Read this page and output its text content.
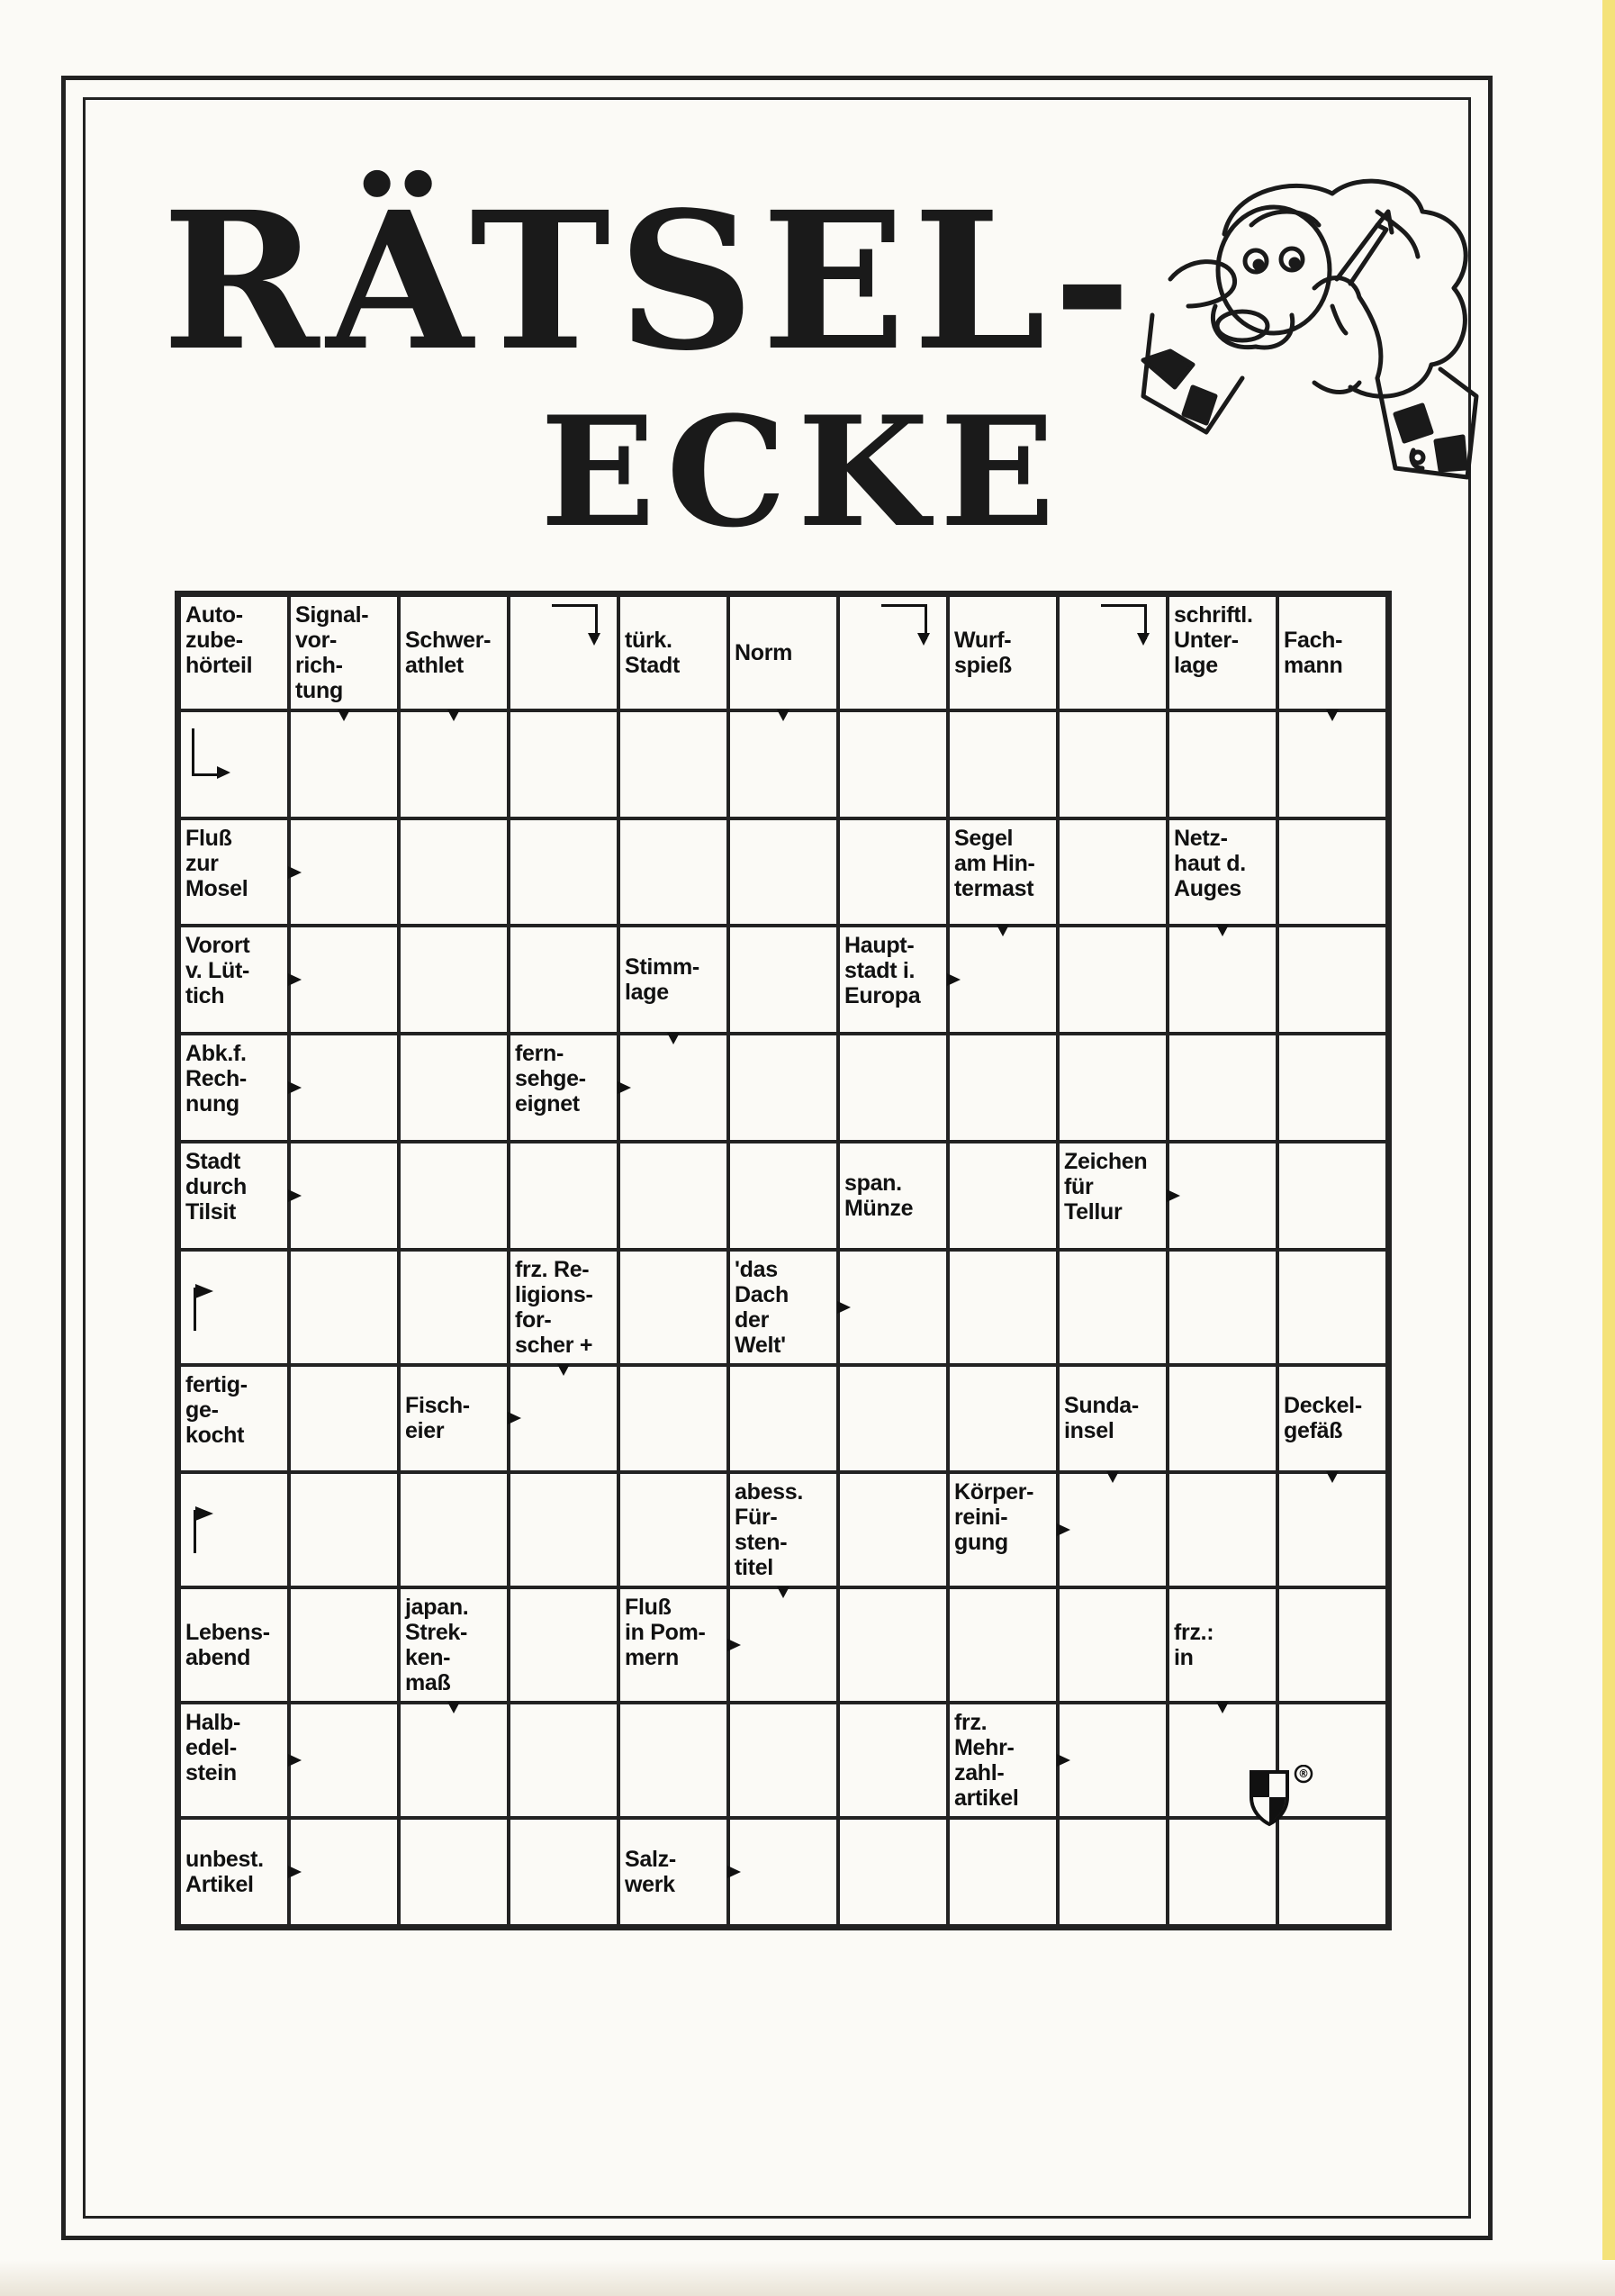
RÄTSEL-
ECKE
Auto-
zube-
hörteil
Signal-
vor-
rich-
tung
Schwer-
athlet
türk.
Stadt	Norm	Wurf-
spieß
schriftl.
Unter-
lage
Fach-
mann
Fluß
zur
Mosel
Segel
am Hin-
termast
Netz-
haut d.
Auges
Vorort
v. Lüt-
tich
Stimm-
lage
Haupt-
stadt i.
Europa
Abk.f.
Rech-
nung
fern-
sehge-
eignet
Stadt
durch
Tilsit
span.
Münze
Zeichen
für
Tellur
frz. Re-
ligions-
for-
scher +
'das
Dach
der
Welt'
fertig-
ge-
kocht
Fisch-
eier
Sunda-
insel
Deckel-
gefäß
abess.
Für-
sten-
titel
Körper-
reini-
gung
Lebens-
abend
japan.
Strek-
ken-
maß
Fluß
in Pom-
mern
frz.:
in
Halb-
edel-
stein
frz.
Mehr-
zahl-
artikel
unbest.
Artikel
Salz-
werk
®
